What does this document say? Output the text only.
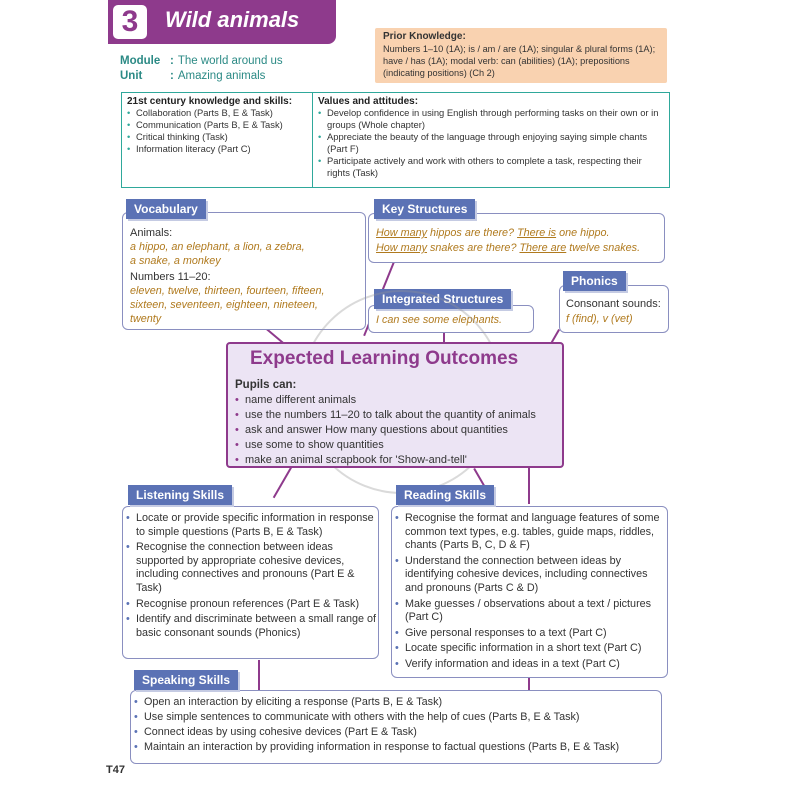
3	Wild animals
Module : The world around us
Unit : Amazing animals
Prior Knowledge:
Numbers 1–10 (1A); is / am / are (1A); singular & plural forms (1A); have / has (1A); modal verb: can (abilities) (1A); prepositions (indicating positions) (Ch 2)
21st century knowledge and skills:
• Collaboration (Parts B, E & Task)
• Communication (Parts B, E & Task)
• Critical thinking (Task)
• Information literacy (Part C)
Values and attitudes:
• Develop confidence in using English through performing tasks on their own or in groups (Whole chapter)
• Appreciate the beauty of the language through enjoying saying simple chants (Part F)
• Participate actively and work with others to complete a task, respecting their rights (Task)
Vocabulary
Animals:
a hippo, an elephant, a lion, a zebra,
a snake, a monkey
Numbers 11–20:
eleven, twelve, thirteen, fourteen, fifteen,
sixteen, seventeen, eighteen, nineteen,
twenty
Key Structures
How many hippos are there? There is one hippo.
How many snakes are there? There are twelve snakes.
Phonics
Consonant sounds:
f (find), v (vet)
Integrated Structures
I can see some elephants.
Expected Learning Outcomes
Pupils can:
• name different animals
• use the numbers 11–20 to talk about the quantity of animals
• ask and answer How many questions about quantities
• use some to show quantities
• make an animal scrapbook for 'Show-and-tell'
Listening Skills
• Locate or provide specific information in response to simple questions (Parts B, E & Task)
• Recognise the connection between ideas supported by appropriate cohesive devices, including connectives and pronouns (Part E & Task)
• Recognise pronoun references (Part E & Task)
• Identify and discriminate between a small range of basic consonant sounds (Phonics)
Reading Skills
• Recognise the format and language features of some common text types, e.g. tables, guide maps, riddles, chants (Parts B, C, D & F)
• Understand the connection between ideas by identifying cohesive devices, including connectives and pronouns (Parts C & D)
• Make guesses / observations about a text / pictures (Part C)
• Give personal responses to a text (Part C)
• Locate specific information in a short text (Part C)
• Verify information and ideas in a text (Part C)
Speaking Skills
• Open an interaction by eliciting a response (Parts B, E & Task)
• Use simple sentences to communicate with others with the help of cues (Parts B, E & Task)
• Connect ideas by using cohesive devices (Part E & Task)
• Maintain an interaction by providing information in response to factual questions (Parts B, E & Task)
T47
